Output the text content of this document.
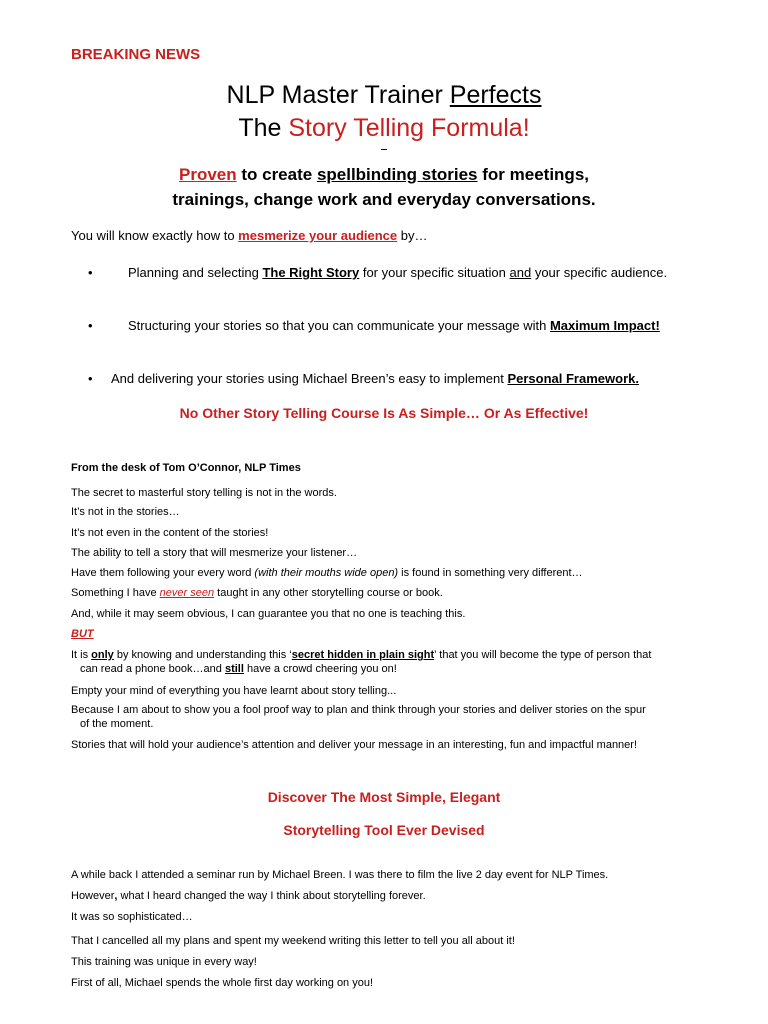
BREAKING NEWS
NLP Master Trainer Perfects
The Story Telling Formula!
Proven to create spellbinding stories for meetings,
trainings, change work and everyday conversations.
You will know exactly how to mesmerize your audience by…
•	Planning and selecting The Right Story for your specific situation and your specific audience.
•	Structuring your stories so that you can communicate your message with Maximum Impact!
• And delivering your stories using Michael Breen’s easy to implement Personal Framework.
No Other Story Telling Course Is As Simple… Or As Effective!
From the desk of Tom O’Connor, NLP Times
The secret to masterful story telling is not in the words.
It’s not in the stories…
It’s not even in the content of the stories!
The ability to tell a story that will mesmerize your listener…
Have them following your every word (with their mouths wide open) is found in something very different…
Something I have never seen taught in any other storytelling course or book.
And, while it may seem obvious, I can guarantee you that no one is teaching this.
BUT
It is only by knowing and understanding this ‘secret hidden in plain sight’ that you will become the type of person that
can read a phone book…and still have a crowd cheering you on!
Empty your mind of everything you have learnt about story telling...
Because I am about to show you a fool proof way to plan and think through your stories and deliver stories on the spur
of the moment.
Stories that will hold your audience’s attention and deliver your message in an interesting, fun and impactful manner!
Discover The Most Simple, Elegant
Storytelling Tool Ever Devised
A while back I attended a seminar run by Michael Breen. I was there to film the live 2 day event for NLP Times.
However, what I heard changed the way I think about storytelling forever.
It was so sophisticated…
That I cancelled all my plans and spent my weekend writing this letter to tell you all about it!
This training was unique in every way!
First of all, Michael spends the whole first day working on you!
